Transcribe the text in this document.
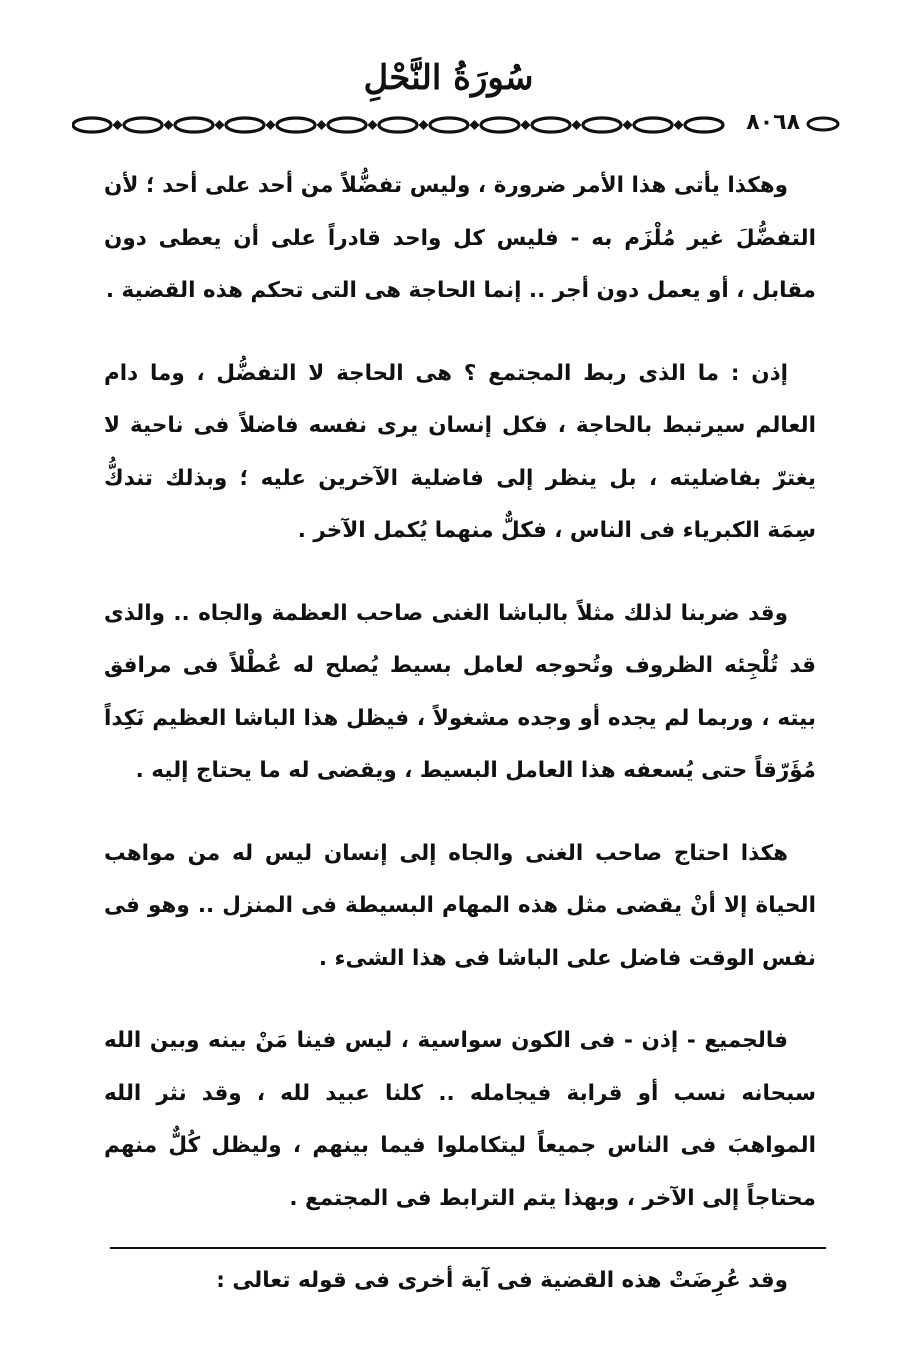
سُورَةُ النَّحْلِ
٨٠٦٨

وهكذا يأتى هذا الأمر ضرورة ، وليس تفضُّلاً من أحد على أحد ؛ لأن التفضُّلَ غير مُلْزَم به - فليس كل واحد قادراً على أن يعطى دون مقابل ، أو يعمل دون أجر .. إنما الحاجة هى التى تحكم هذه القضية .

إذن : ما الذى ربط المجتمع ؟ هى الحاجة لا التفضُّل ، وما دام العالم سيرتبط بالحاجة ، فكل إنسان يرى نفسه فاضلاً فى ناحية لا يغترّ بفاضليته ، بل ينظر إلى فاضلية الآخرين عليه ؛ وبذلك تندكُّ سِمَة الكبرياء فى الناس ، فكلٌّ منهما يُكمل الآخر .

وقد ضربنا لذلك مثلاً بالباشا الغنى صاحب العظمة والجاه .. والذى قد تُلْجِئه الظروف وتُحوجه لعامل بسيط يُصلح له عُطْلاً فى مرافق بيته ، وربما لم يجده أو وجده مشغولاً ، فيظل هذا الباشا العظيم نَكِداً مُؤَرّقاً حتى يُسعفه هذا العامل البسيط ، ويقضى له ما يحتاج إليه .

هكذا احتاج صاحب الغنى والجاه إلى إنسان ليس له من مواهب الحياة إلا أنْ يقضى مثل هذه المهام البسيطة فى المنزل .. وهو فى نفس الوقت فاضل على الباشا فى هذا الشىء .

فالجميع - إذن - فى الكون سواسية ، ليس فينا مَنْ بينه وبين الله سبحانه نسب أو قرابة فيجامله .. كلنا عبيد لله ، وقد نثر الله المواهبَ فى الناس جميعاً ليتكاملوا فيما بينهم ، وليظل كُلٌّ منهم محتاجاً إلى الآخر ، وبهذا يتم الترابط فى المجتمع .

وقد عُرِضَتْ هذه القضية فى آية أخرى فى قوله تعالى :
